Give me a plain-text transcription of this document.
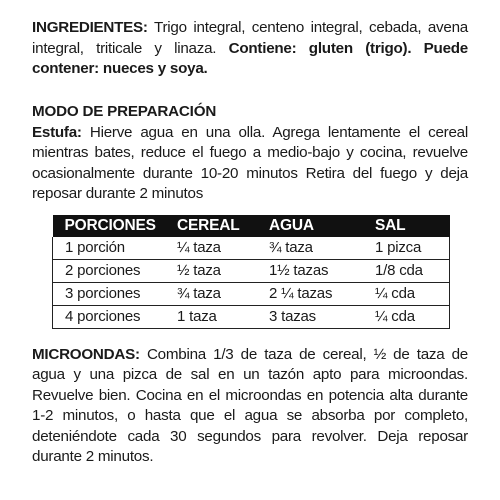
INGREDIENTES: Trigo integral, centeno integral, cebada, avena integral, triticale y linaza. Contiene: gluten (trigo). Puede contener: nueces y soya.

MODO DE PREPARACIÓN

Estufa: Hierve agua en una olla. Agrega lentamente el cereal mientras bates, reduce el fuego a medio-bajo y cocina, revuelve ocasionalmente durante 10-20 minutos Retira del fuego y deja reposar durante 2 minutos

PORCIONES	CEREAL	AGUA	SAL
1 porción	¼ taza	¾ taza	1 pizca
2 porciones	½ taza	1½ tazas	1/8 cda
3 porciones	¾ taza	2 ¼ tazas	¼ cda
4 porciones	1 taza	3 tazas	¼ cda

MICROONDAS: Combina 1/3 de taza de cereal, ½ de taza de agua y una pizca de sal en un tazón apto para microondas. Revuelve bien. Cocina en el microondas en potencia alta durante 1-2 minutos, o hasta que el agua se absorba por completo, deteniéndote cada 30 segundos para revolver. Deja reposar durante 2 minutos.
